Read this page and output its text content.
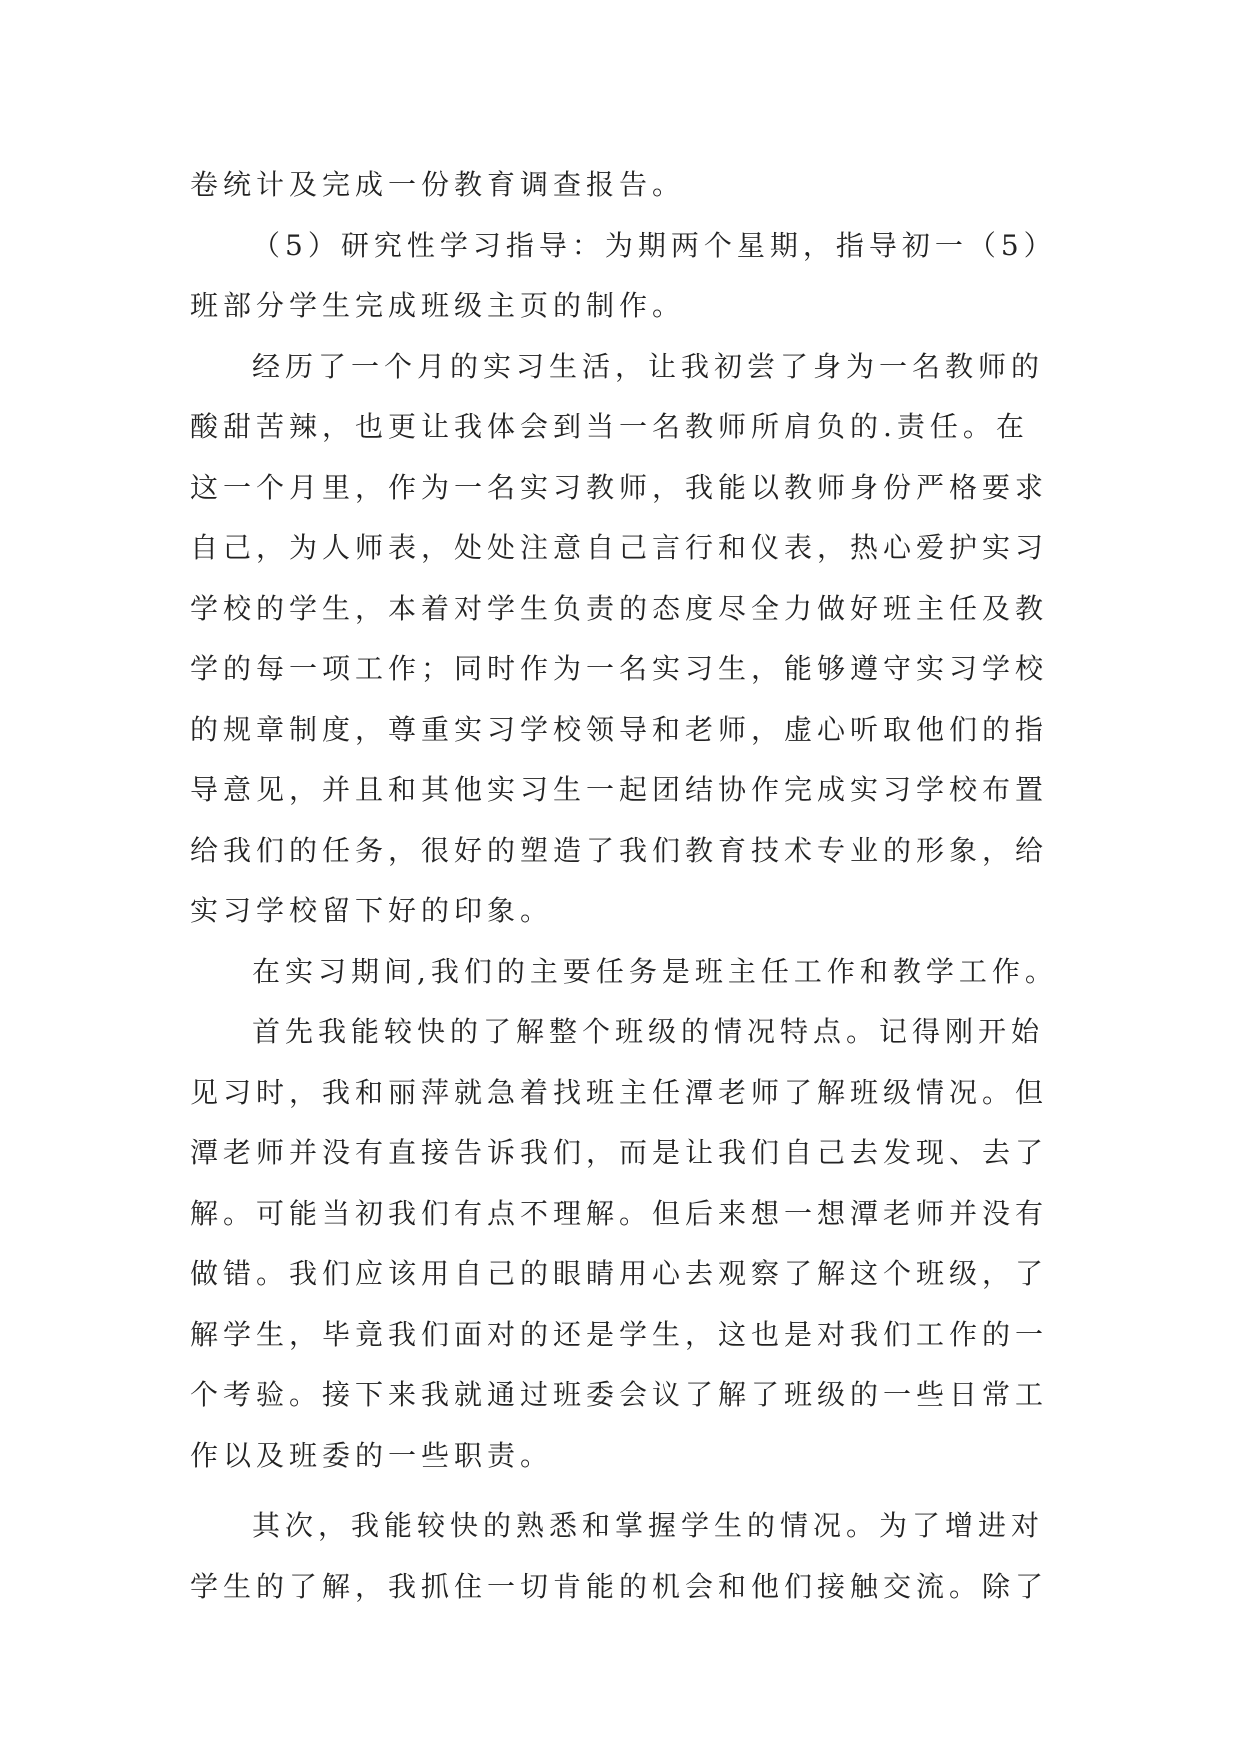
卷统计及完成一份教育调查报告。
（5）研究性学习指导：为期两个星期，指导初一（5）
班部分学生完成班级主页的制作。
经历了一个月的实习生活，让我初尝了身为一名教师的
酸甜苦辣，也更让我体会到当一名教师所肩负的.责任。在
这一个月里，作为一名实习教师，我能以教师身份严格要求
自己，为人师表，处处注意自己言行和仪表，热心爱护实习
学校的学生，本着对学生负责的态度尽全力做好班主任及教
学的每一项工作；同时作为一名实习生，能够遵守实习学校
的规章制度，尊重实习学校领导和老师，虚心听取他们的指
导意见，并且和其他实习生一起团结协作完成实习学校布置
给我们的任务，很好的塑造了我们教育技术专业的形象，给
实习学校留下好的印象。
在实习期间,我们的主要任务是班主任工作和教学工作。
首先我能较快的了解整个班级的情况特点。记得刚开始
见习时，我和丽萍就急着找班主任潭老师了解班级情况。但
潭老师并没有直接告诉我们，而是让我们自己去发现、去了
解。可能当初我们有点不理解。但后来想一想潭老师并没有
做错。我们应该用自己的眼睛用心去观察了解这个班级，了
解学生，毕竟我们面对的还是学生，这也是对我们工作的一
个考验。接下来我就通过班委会议了解了班级的一些日常工
作以及班委的一些职责。
其次，我能较快的熟悉和掌握学生的情况。为了增进对
学生的了解，我抓住一切肯能的机会和他们接触交流。除了
